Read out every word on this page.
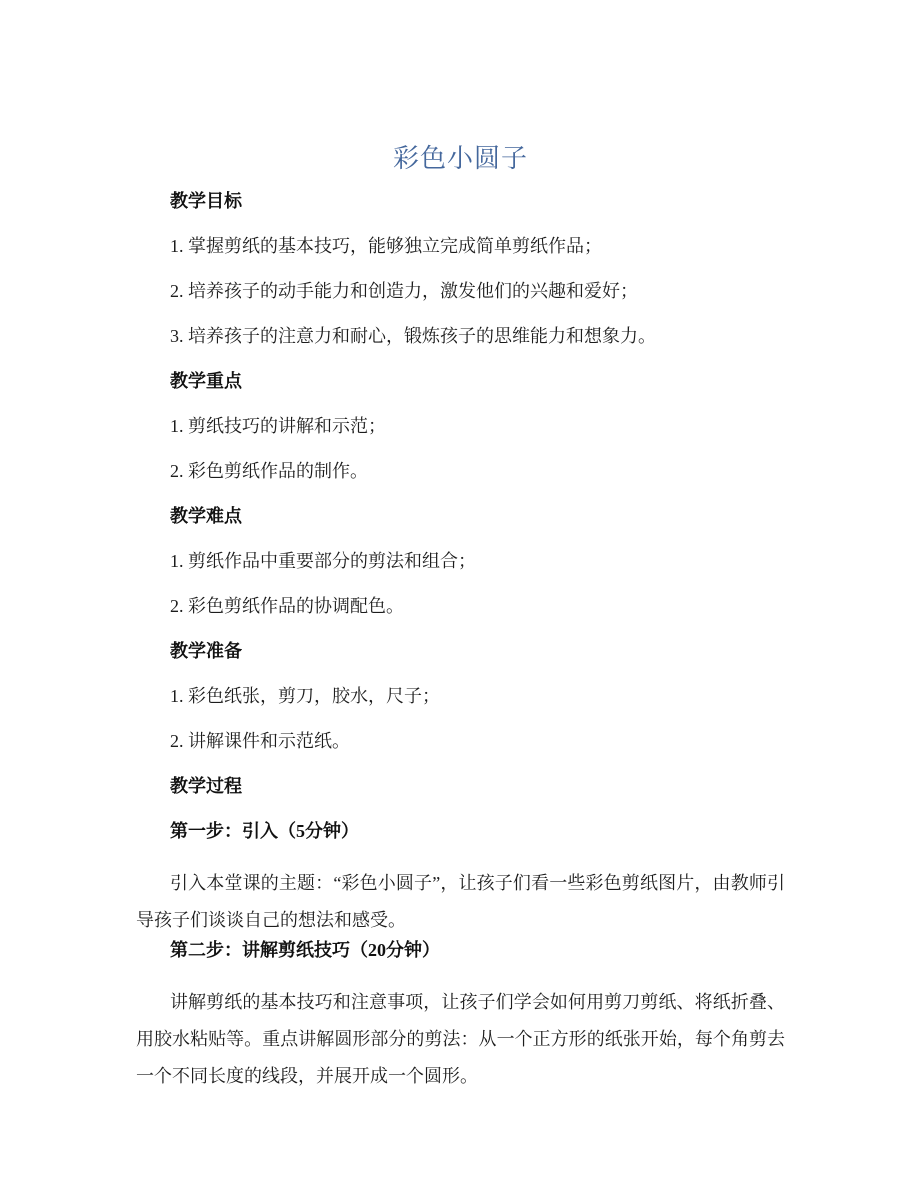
彩色小圆子
教学目标

1. 掌握剪纸的基本技巧，能够独立完成简单剪纸作品；

2. 培养孩子的动手能力和创造力，激发他们的兴趣和爱好；

3. 培养孩子的注意力和耐心，锻炼孩子的思维能力和想象力。

教学重点

1. 剪纸技巧的讲解和示范；

2. 彩色剪纸作品的制作。

教学难点

1. 剪纸作品中重要部分的剪法和组合；

2. 彩色剪纸作品的协调配色。

教学准备

1. 彩色纸张，剪刀，胶水，尺子；

2. 讲解课件和示范纸。

教学过程
第一步：引入（5分钟）

引入本堂课的主题：“彩色小圆子”，让孩子们看一些彩色剪纸图片，由教师引导孩子们谈谈自己的想法和感受。

第二步：讲解剪纸技巧（20分钟）

讲解剪纸的基本技巧和注意事项，让孩子们学会如何用剪刀剪纸、将纸折叠、用胶水粘贴等。重点讲解圆形部分的剪法：从一个正方形的纸张开始，每个角剪去一个不同长度的线段，并展开成一个圆形。
